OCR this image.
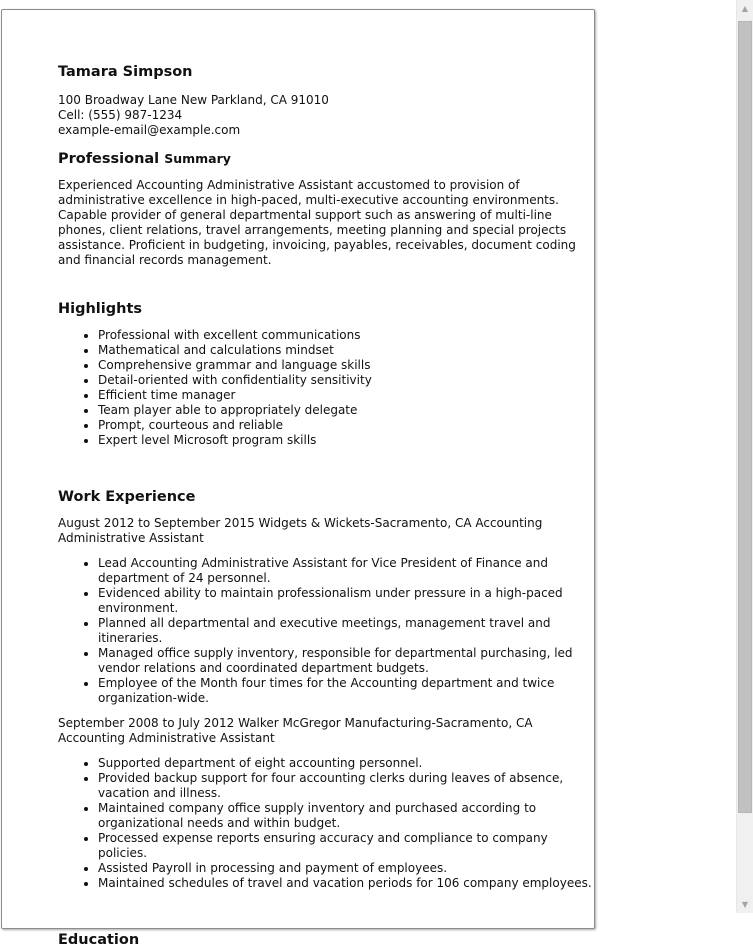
Tamara Simpson
100 Broadway Lane New Parkland, CA 91010
Cell: (555) 987-1234
example-email@example.com
Professional Summary

Experienced Accounting Administrative Assistant accustomed to provision of administrative excellence in high-paced, multi-executive accounting environments. Capable provider of general departmental support such as answering of multi-line phones, client relations, travel arrangements, meeting planning and special projects assistance. Proficient in budgeting, invoicing, payables, receivables, document coding and financial records management.

Highlights
• Professional with excellent communications
• Mathematical and calculations mindset
• Comprehensive grammar and language skills
• Detail-oriented with confidentiality sensitivity
• Efficient time manager
• Team player able to appropriately delegate
• Prompt, courteous and reliable
• Expert level Microsoft program skills
Work Experience
August 2012 to September 2015 Widgets & Wickets-Sacramento, CA Accounting Administrative Assistant
• Lead Accounting Administrative Assistant for Vice President of Finance and department of 24 personnel.
• Evidenced ability to maintain professionalism under pressure in a high-paced environment.
• Planned all departmental and executive meetings, management travel and itineraries.
• Managed office supply inventory, responsible for departmental purchasing, led vendor relations and coordinated department budgets.
• Employee of the Month four times for the Accounting department and twice organization-wide.
September 2008 to July 2012 Walker McGregor Manufacturing-Sacramento, CA Accounting Administrative Assistant
• Supported department of eight accounting personnel.
• Provided backup support for four accounting clerks during leaves of absence, vacation and illness.
• Maintained company office supply inventory and purchased according to organizational needs and within budget.
• Processed expense reports ensuring accuracy and compliance to company policies.
• Assisted Payroll in processing and payment of employees.
• Maintained schedules of travel and vacation periods for 106 company employees.
Education
▲
▼
